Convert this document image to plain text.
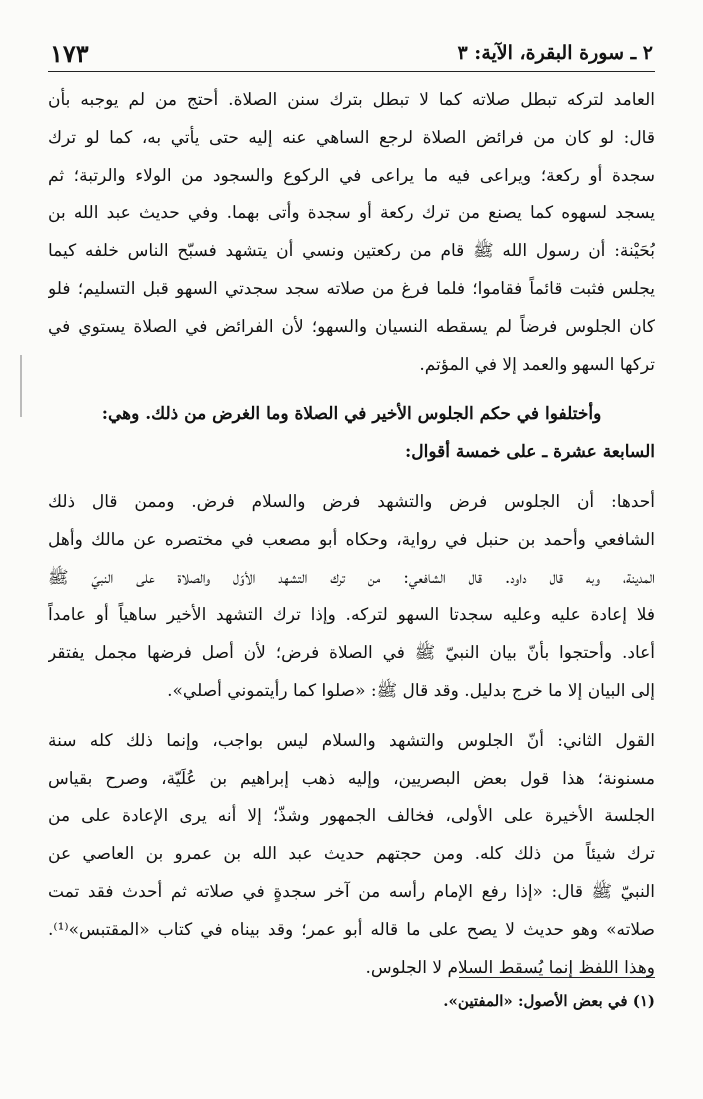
٢ ـ سورة البقرة، الآية: ٣
١٧٣
العامد لتركه تبطل صلاته كما لا تبطل بترك سنن الصلاة. أحتج من لم يوجبه بأن
قال: لو كان من فرائض الصلاة لرجع الساهي عنه إليه حتى يأتي به، كما لو ترك
سجدة أو ركعة؛ ويراعى فيه ما يراعى في الركوع والسجود من الولاء والرتبة؛ ثم
يسجد لسهوه كما يصنع من ترك ركعة أو سجدة وأتى بهما. وفي حديث عبد الله بن
بُحَيْنة: أن رسول الله ﷺ قام من ركعتين ونسي أن يتشهد فسبّح الناس خلفه كيما
يجلس فثبت قائماً فقاموا؛ فلما فرغ من صلاته سجد سجدتي السهو قبل التسليم؛ فلو
كان الجلوس فرضاً لم يسقطه النسيان والسهو؛ لأن الفرائض في الصلاة يستوي في
تركها السهو والعمد إلا في المؤتم.
وأختلفوا في حكم الجلوس الأخير في الصلاة وما الغرض من ذلك. وهي:
السابعة عشرة ـ على خمسة أقوال:
أحدها: أن الجلوس فرض والتشهد فرض والسلام فرض. وممن قال ذلك
الشافعي وأحمد بن حنبل في رواية، وحكاه أبو مصعب في مختصره عن مالك وأهل
المدينة، وبه قال داود. قال الشافعي: من ترك التشهد الأوّل والصلاة على النبيّ ﷺ
فلا إعادة عليه وعليه سجدتا السهو لتركه. وإذا ترك التشهد الأخير ساهياً أو عامداً
أعاد. وأحتجوا بأنّ بيان النبيّ ﷺ في الصلاة فرض؛ لأن أصل فرضها مجمل يفتقر
إلى البيان إلا ما خرج بدليل. وقد قال ﷺ: «صلوا كما رأيتموني أصلي».
القول الثاني: أنّ الجلوس والتشهد والسلام ليس بواجب، وإنما ذلك كله سنة
مسنونة؛ هذا قول بعض البصريين، وإليه ذهب إبراهيم بن عُلَيّة، وصرح بقياس
الجلسة الأخيرة على الأولى، فخالف الجمهور وشذّ؛ إلا أنه يرى الإعادة على من
ترك شيئاً من ذلك كله. ومن حجتهم حديث عبد الله بن عمرو بن العاصي عن
النبيّ ﷺ قال: «إذا رفع الإمام رأسه من آخر سجدةٍ في صلاته ثم أحدث فقد تمت
صلاته» وهو حديث لا يصح على ما قاله أبو عمر؛ وقد بيناه في كتاب «المقتبس»⁽¹⁾.
وهذا اللفظ إنما يُسقط السلام لا الجلوس.
(١) في بعض الأصول: «المفتين».
